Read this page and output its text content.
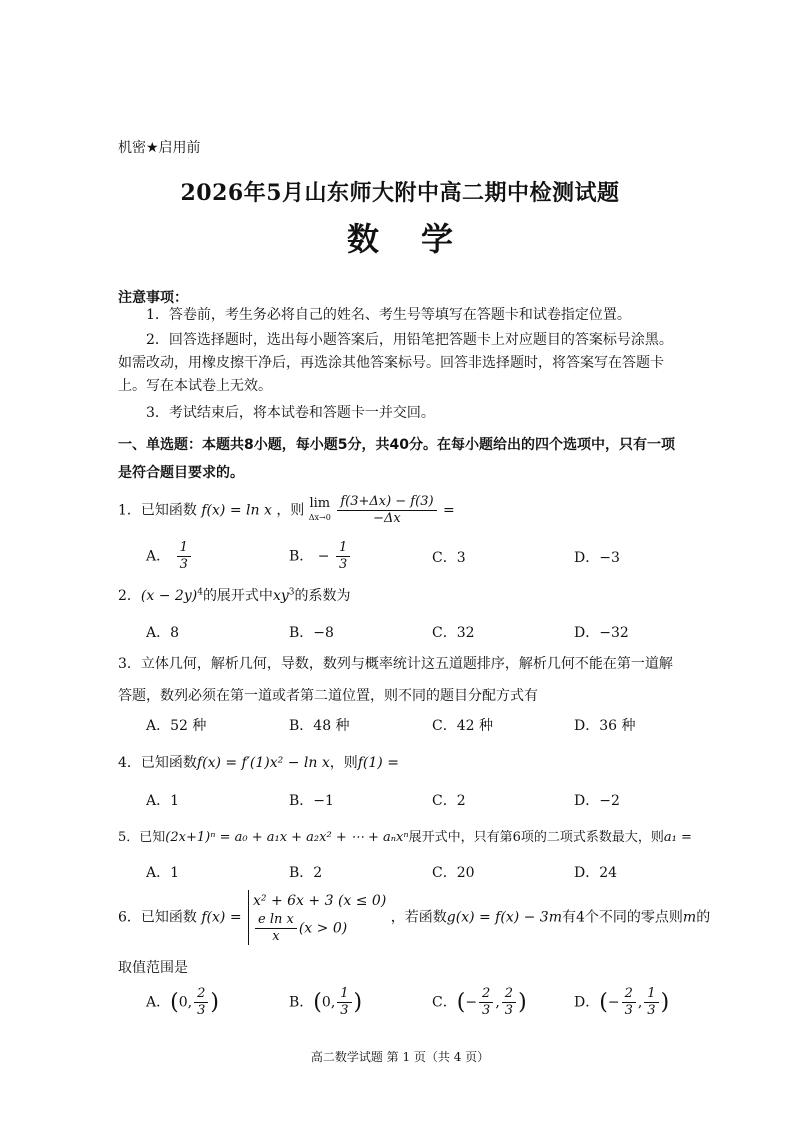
机密★启用前
2026年5月山东师大附中高二期中检测试题
数学
注意事项：
1．答卷前，考生务必将自己的姓名、考生号等填写在答题卡和试卷指定位置。
2．回答选择题时，选出每小题答案后，用铅笔把答题卡上对应题目的答案标号涂黑。如需改动，用橡皮擦干净后，再选涂其他答案标号。回答非选择题时，将答案写在答题卡上。写在本试卷上无效。
3．考试结束后，将本试卷和答题卡一并交回。
一、单选题：本题共8小题，每小题5分，共40分。在每小题给出的四个选项中，只有一项是符合题目要求的。
1．已知函数 f(x) = ln x ，则 lim
Δx→0
$\frac{f(3+\Delta x) - f(3)}{-\Delta x}$ =
A． $\frac{1}{3}$	B． − $\frac{1}{3}$	C．3	D．−3
2．$(x - 2y)^4$的展开式中$xy^3$的系数为
A．8	B．−8	C．32	D．−32
3．立体几何，解析几何，导数，数列与概率统计这五道题排序，解析几何不能在第一道解答题，数列必须在第一道或者第二道位置，则不同的题目分配方式有
A．52 种	B．48 种	C．42 种	D．36 种
4．已知函数f(x) = f′(1)x² − ln x，则f(1) =
A．1	B．−1	C．2	D．−2
5．已知(2x+1)ⁿ = a₀ + a₁x + a₂x² + ⋯ + aₙxⁿ展开式中，只有第6项的二项式系数最大，则a₁ =
A．1	B．2	C．20	D．24
6．已知函数 f(x) =
x² + 6x + 3 (x ≤ 0)
$\frac{\text{e ln x}}{x} (x > 0)$
，若函数g(x) = f(x) − 3m有4个不同的零点则m的
取值范围是
A．(0, $\frac{2}{3}$ )	B．(0, $\frac{1}{3}$ )	C．(− $\frac{2}{3}$ , $\frac{2}{3}$ )	D．(− $\frac{2}{3}$ , $\frac{1}{3}$ )
高二数学试题 第 1 页（共 4 页）
